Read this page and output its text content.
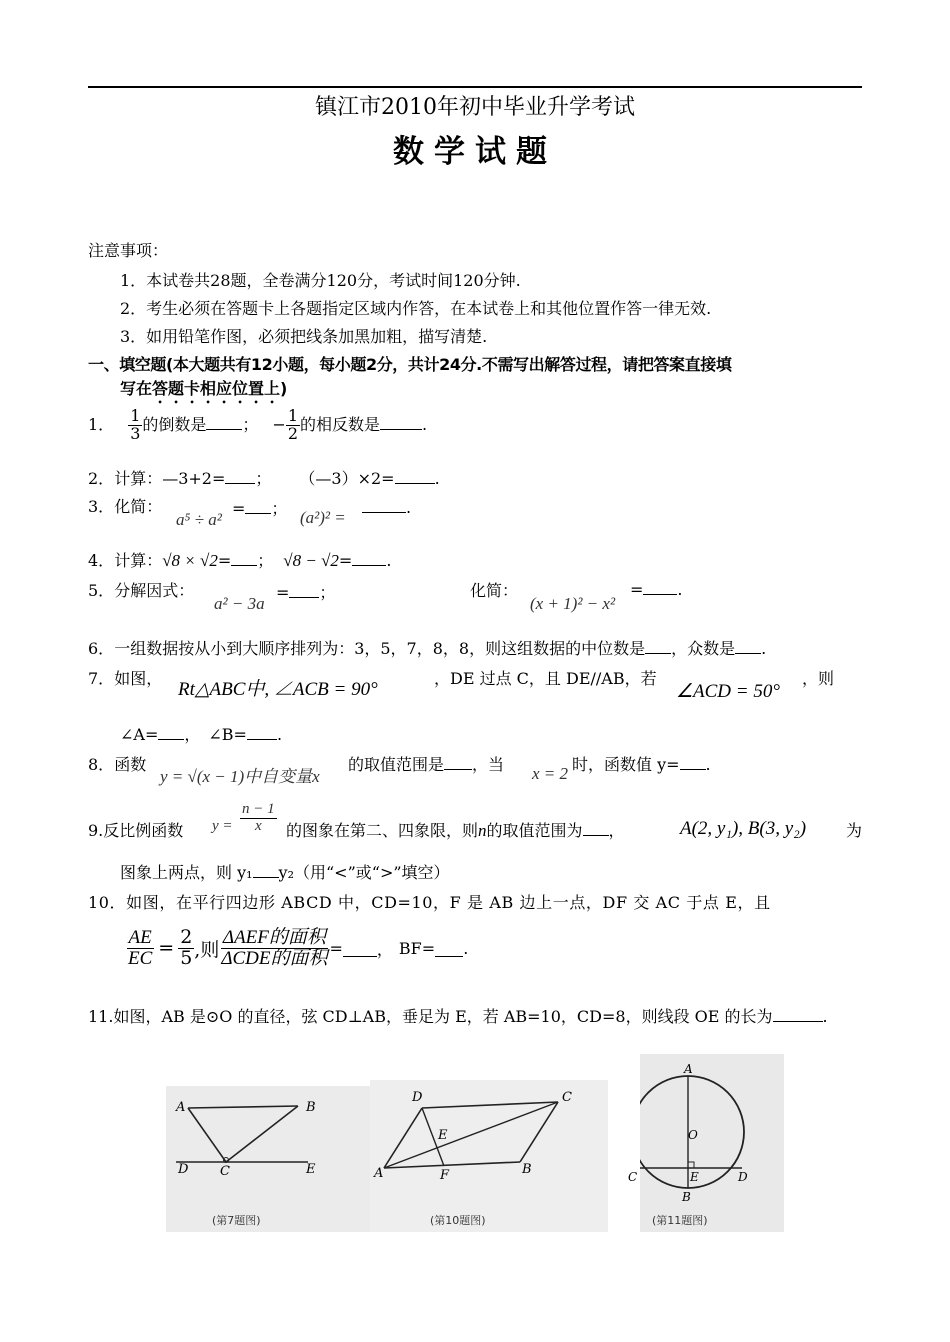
镇江市2010年初中毕业升学考试
数学试题
注意事项：
1．本试卷共28题，全卷满分120分，考试时间120分钟.
2．考生必须在答题卡上各题指定区域内作答，在本试卷上和其他位置作答一律无效.
3．如用铅笔作图，必须把线条加黑加粗，描写清楚.
一、填空题(本大题共有12小题，每小题2分，共计24分.不需写出解答过程，请把答案直接填
写在答题卡相应位置上)
1． $\frac{1}{3}$ 的倒数是 ； − $\frac{1}{2}$ 的相反数是	.
2．计算：—3+2= ； （—3）×2=	.
3．化简：
a⁵ ÷ a²
= ； (a²)² =
.
4．计算：√8 × √2= ； √8 − √2= .
5．分解因式：
a² − 3a
= ；	化简：
(x + 1)² − x²
= .
6．一组数据按从小到大顺序排列为：3，5，7，8，8，则这组数据的中位数是 ，众数是 .
7．如图，
Rt△ABC中, ∠ACB = 90°
，DE 过点 C，且 DE//AB，若
∠ACD = 50°
，则
∠A= ， ∠B= .
8．函数
y = √(x − 1)中自变量x
的取值范围是 ，当 x = 2 时，函数值 y= .
9.反比例函数 $y = \frac{n - 1}{x}$ 的图象在第二、四象限，则n的取值范围为 ，	A(2, y₁), B(3, y₂) 为
图象上两点，则 y₁ y₂（用“<”或“>”填空）
10．如图，在平行四边形 ABCD 中，CD=10，F 是 AB 边上一点，DF 交 AC 于点 E，且
$\frac{AE}{EC} = \frac{2}{5}$ ,则 $\frac{\text{ΔAEF的面积}}{\text{ΔCDE的面积}}$ = ， BF= .
11.如图，AB 是⊙O 的直径，弦 CD⊥AB，垂足为 E，若 AB=10，CD=8，则线段 OE 的长为	.
A	B
D C	E
(第7题图)
D	C
E
A	F	B
(第10题图)
A
O
C	E	D
B
(第11题图)
